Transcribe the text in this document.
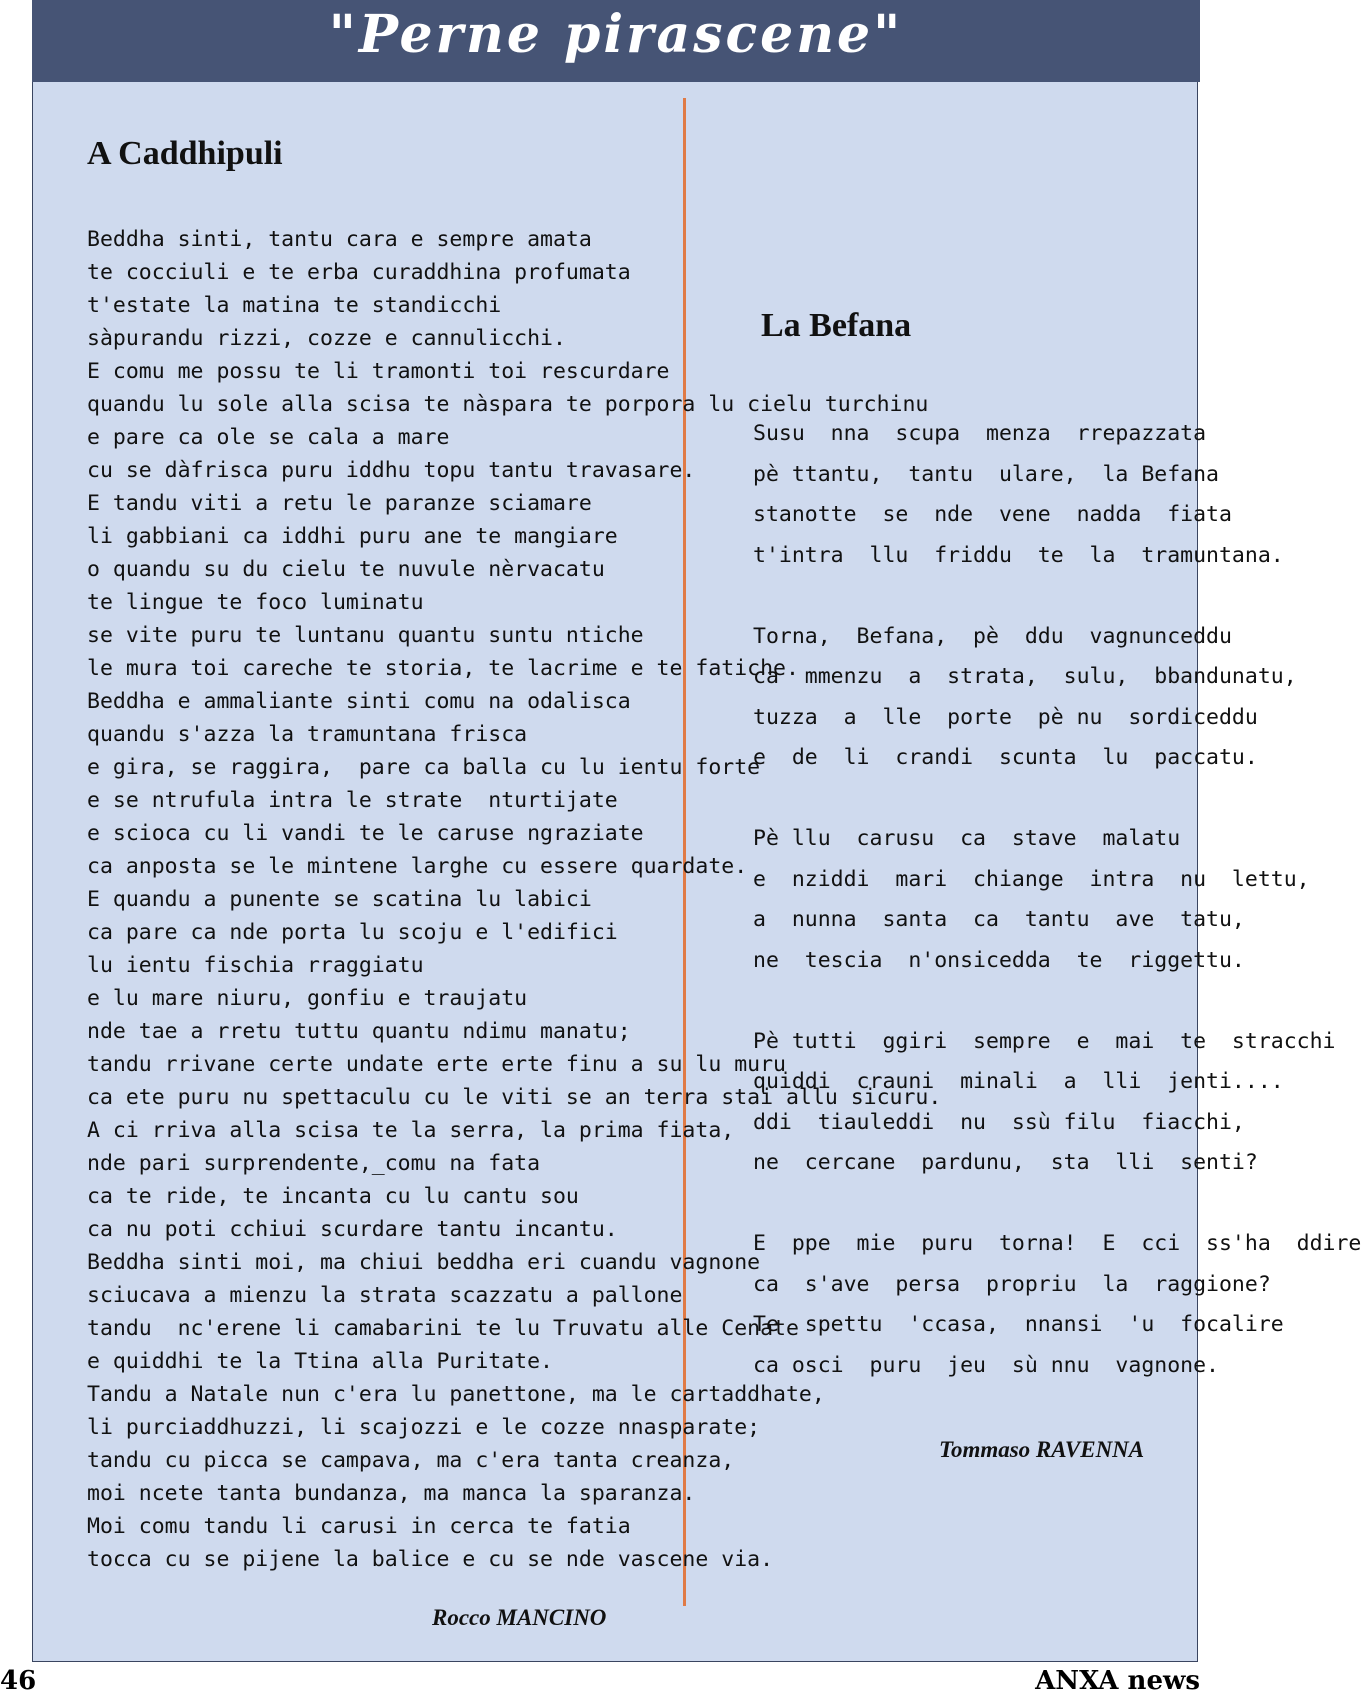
"Perne pirascene"
A Caddhipuli
Beddha sinti, tantu cara e sempre amata
te cocciuli e te erba curaddhina profumata
t'estate la matina te standicchi
sàpurandu rizzi, cozze e cannulicchi.
E comu me possu te li tramonti toi rescurdare
quandu lu sole alla scisa te nàspara te porpora lu cielu turchinu
e pare ca ole se cala a mare
cu se dàfrisca puru iddhu topu tantu travasare.
E tandu viti a retu le paranze sciamare
li gabbiani ca iddhi puru ane te mangiare
o quandu su du cielu te nuvule nèrvacatu
te lingue te foco luminatu
se vite puru te luntanu quantu suntu ntiche
le mura toi careche te storia, te lacrime e te fatiche.
Beddha e ammaliante sinti comu na odalisca
quandu s'azza la tramuntana frisca
e gira, se raggira,  pare ca balla cu lu ientu forte
e se ntrufula intra le strate  nturtijate
e scioca cu li vandi te le caruse ngraziate
ca anposta se le mintene larghe cu essere quardate.
E quandu a punente se scatina lu labici
ca pare ca nde porta lu scoju e l'edifici
lu ientu fischia rraggiatu
e lu mare niuru, gonfiu e traujatu
nde tae a rretu tuttu quantu ndimu manatu;
tandu rrivane certe undate erte erte finu a su lu muru
ca ete puru nu spettaculu cu le viti se an terra stai allu sicuru.
A ci rriva alla scisa te la serra, la prima fiata,
nde pari surprendente,_comu na fata
ca te ride, te incanta cu lu cantu sou
ca nu poti cchiui scurdare tantu incantu.
Beddha sinti moi, ma chiui beddha eri cuandu vagnone
sciucava a mienzu la strata scazzatu a pallone
tandu  nc'erene li camabarini te lu Truvatu alle Cenate
e quiddhi te la Ttina alla Puritate.
Tandu a Natale nun c'era lu panettone, ma le cartaddhate,
li purciaddhuzzi, li scajozzi e le cozze nnasparate;
tandu cu picca se campava, ma c'era tanta creanza,
moi ncete tanta bundanza, ma manca la sparanza.
Moi comu tandu li carusi in cerca te fatia
tocca cu se pijene la balice e cu se nde vascene via.
Rocco MANCINO
La Befana
Susu  nna  scupa  menza  rrepazzata
pè ttantu,  tantu  ulare,  la Befana
stanotte  se  nde  vene  nadda  fiata
t'intra  llu  friddu  te  la  tramuntana.

Torna,  Befana,  pè  ddu  vagnunceddu
ca  mmenzu  a  strata,  sulu,  bbandunatu,
tuzza  a  lle  porte  pè nu  sordiceddu
e  de  li  crandi  scunta  lu  paccatu.

Pè llu  carusu  ca  stave  malatu
e  nziddi  mari  chiange  intra  nu  lettu,
a  nunna  santa  ca  tantu  ave  tatu,
ne  tescia  n'onsicedda  te  riggettu.

Pè tutti  ggiri  sempre  e  mai  te  stracchi
quiddi  crauni  minali  a  lli  jenti....
ddi  tiauleddi  nu  ssù filu  fiacchi,
ne  cercane  pardunu,  sta  lli  senti?

E  ppe  mie  puru  torna!  E  cci  ss'ha  ddire
ca  s'ave  persa  propriu  la  raggione?
Te  spettu  'ccasa,  nnansi  'u  focalire
ca osci  puru  jeu  sù nnu  vagnone.
Tommaso RAVENNA
46	ANXA news
